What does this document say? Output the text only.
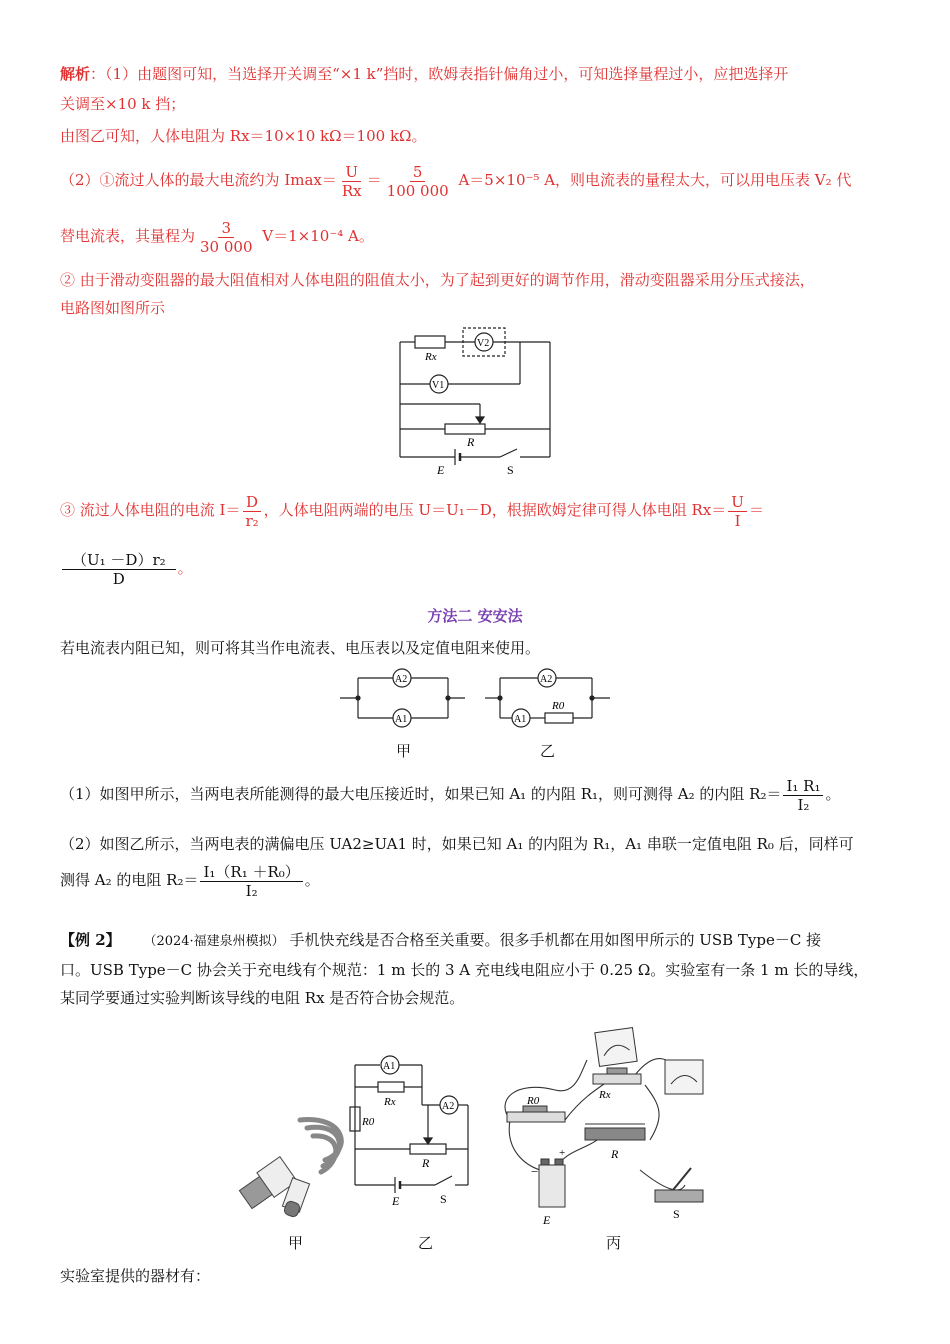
解析：（1）由题图可知，当选择开关调至“×1 k”挡时，欧姆表指针偏角过小，可知选择量程过小，应把选择开
关调至×10 k 挡；
由图乙可知，人体电阻为 Rx＝10×10 kΩ＝100 kΩ。
（2）①流过人体的最大电流约为 $Imax= \frac{U}{Rx} = \frac{5}{100 000} A=5\times 10^{-5}$ A，则电流表的量程太大，可以用电压表 V₂ 代
替电流表，其量程为 $\frac{3}{30 000} V=1\times 10^{-4}$ A。
② 由于滑动变阻器的最大阻值相对人体电阻的阻值太小，为了起到更好的调节作用，滑动变阻器采用分压式接法，
电路图如图所示
Rx
V2
V1
R
E	S
③ 流过人体电阻的电流 $I= \frac{D}{\text{r₂}}$ ，人体电阻两端的电压 U＝U₁－D，根据欧姆定律可得人体电阻 $Rx= \frac{U}{I}$ ＝
$\frac{\text{（U₁ －D）r₂}}{D}$ 。
方法二 安安法
若电流表内阻已知，则可将其当作电流表、电压表以及定值电阻来使用。
A2
A1
A2
A1
R0
甲	乙
（1）如图甲所示，当两电表所能测得的最大电压接近时，如果已知 A₁ 的内阻 R₁，则可测得 A₂ 的内阻 $R_2= \frac{\text{I₁ R₁}}{\text{I₂}}$ 。
（2）如图乙所示，当两电表的满偏电压 UA2≥UA1 时，如果已知 A₁ 的内阻为 R₁，A₁ 串联一定值电阻 R₀ 后，同样可
测得 A₂ 的电阻 $R_2= \frac{\text{I₁（R₁ ＋R₀）}}{\text{I₂}}$ 。
【例 2】 （2024·福建泉州模拟） 手机快充线是否合格至关重要。很多手机都在用如图甲所示的 USB Type－C 接
口。USB Type－C 协会关于充电线有个规范：1 m 长的 3 A 充电线电阻应小于 0.25 Ω。实验室有一条 1 m 长的导线，
某同学要通过实验判断该导线的电阻 Rx 是否符合协会规范。
甲
A1
A2
Rx
R0
R
E	S
乙
R0	Rx
R
−
+
E	S
丙
实验室提供的器材有：
